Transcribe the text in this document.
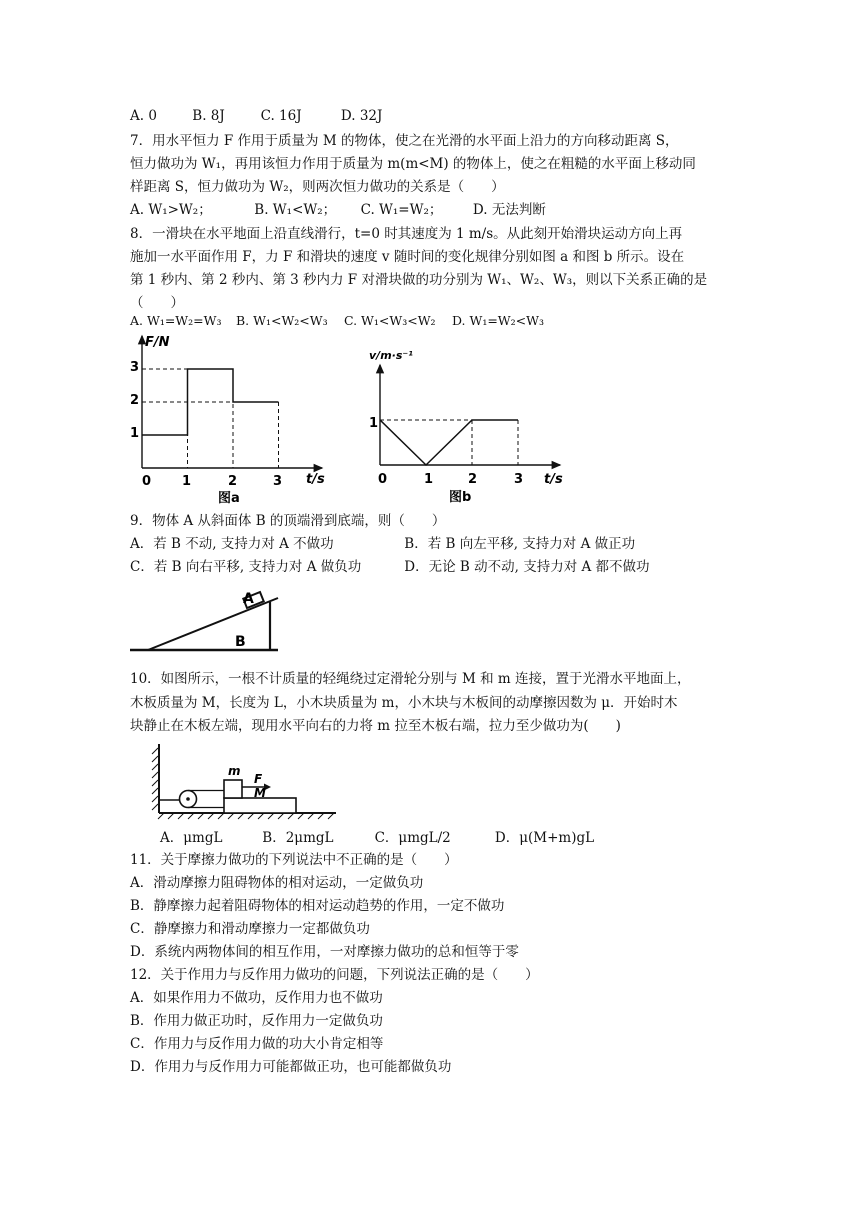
A. 0	B. 8J	C. 16J	D. 32J
7．用水平恒力 F 作用于质量为 M 的物体，使之在光滑的水平面上沿力的方向移动距离 S，
恒力做功为 W₁，再用该恒力作用于质量为 m(m<M) 的物体上，使之在粗糙的水平面上移动同
样距离 S，恒力做功为 W₂，则两次恒力做功的关系是（　　）
A. W₁>W₂；	B. W₁<W₂； C. W₁=W₂； D. 无法判断
8．一滑块在水平地面上沿直线滑行，t=0 时其速度为 1 m/s。从此刻开始滑块运动方向上再
施加一水平面作用 F，力 F 和滑块的速度 v 随时间的变化规律分别如图 a 和图 b 所示。设在
第 1 秒内、第 2 秒内、第 3 秒内力 F 对滑块做的功分别为 W₁、W₂、W₃，则以下关系正确的是
（　　）
A. W₁=W₂=W₃ B. W₁<W₂<W₃ C. W₁<W₃<W₂ D. W₁=W₂<W₃
F/N
t/s
0 1	2	3
1
2
3
图a
v/m·s⁻¹
t/s
0	1	2	3
1
图b
9．物体 A 从斜面体 B 的顶端滑到底端，则（　　）
A．若 B 不动, 支持力对 A 不做功	B．若 B 向左平移, 支持力对 A 做正功
C．若 B 向右平移, 支持力对 A 做负功	D．无论 B 动不动, 支持力对 A 都不做功
A
B
10．如图所示，一根不计质量的轻绳绕过定滑轮分别与 M 和 m 连接，置于光滑水平地面上，
木板质量为 M，长度为 L，小木块质量为 m，小木块与木板间的动摩擦因数为 μ．开始时木
块静止在木板左端，现用水平向右的力将 m 拉至木板右端，拉力至少做功为(　　)
m
F
M
A．μmgL	B．2μmgL	C．μmgL/2	D．μ(M+m)gL
11．关于摩擦力做功的下列说法中不正确的是（　　）
A．滑动摩擦力阻碍物体的相对运动，一定做负功
B．静摩擦力起着阻碍物体的相对运动趋势的作用，一定不做功
C．静摩擦力和滑动摩擦力一定都做负功
D．系统内两物体间的相互作用，一对摩擦力做功的总和恒等于零
12．关于作用力与反作用力做功的问题，下列说法正确的是（　　）
A．如果作用力不做功，反作用力也不做功
B．作用力做正功时，反作用力一定做负功
C．作用力与反作用力做的功大小肯定相等
D．作用力与反作用力可能都做正功，也可能都做负功
